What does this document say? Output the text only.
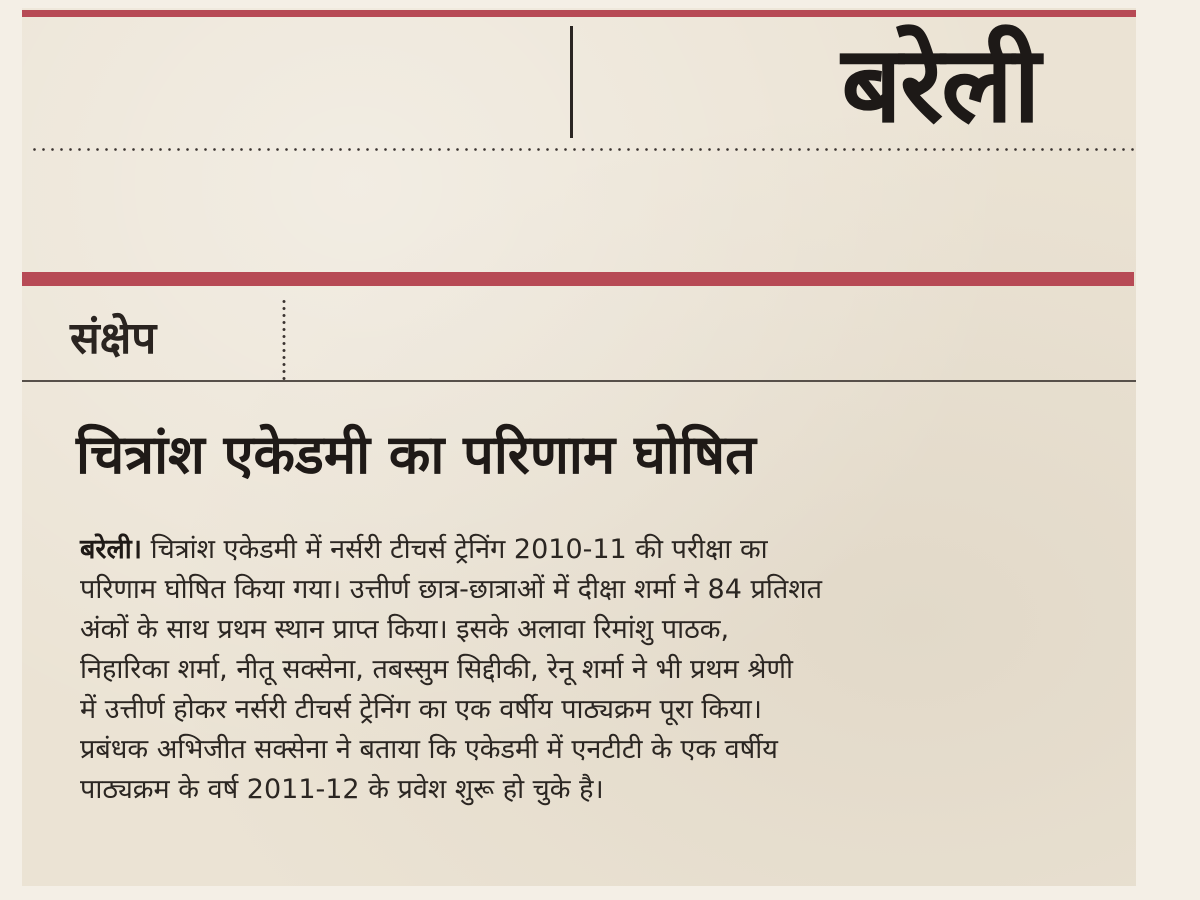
बरेली
संक्षेप
चित्रांश एकेडमी का परिणाम घोषित
बरेली। चित्रांश एकेडमी में नर्सरी टीचर्स ट्रेनिंग 2010-11 की परीक्षा का
परिणाम घोषित किया गया। उत्तीर्ण छात्र-छात्राओं में दीक्षा शर्मा ने 84 प्रतिशत
अंकों के साथ प्रथम स्थान प्राप्त किया। इसके अलावा रिमांशु पाठक,
निहारिका शर्मा, नीतू सक्सेना, तबस्सुम सिद्दीकी, रेनू शर्मा ने भी प्रथम श्रेणी
में उत्तीर्ण होकर नर्सरी टीचर्स ट्रेनिंग का एक वर्षीय पाठ्यक्रम पूरा किया।
प्रबंधक अभिजीत सक्सेना ने बताया कि एकेडमी में एनटीटी के एक वर्षीय
पाठ्यक्रम के वर्ष 2011-12 के प्रवेश शुरू हो चुके है।
